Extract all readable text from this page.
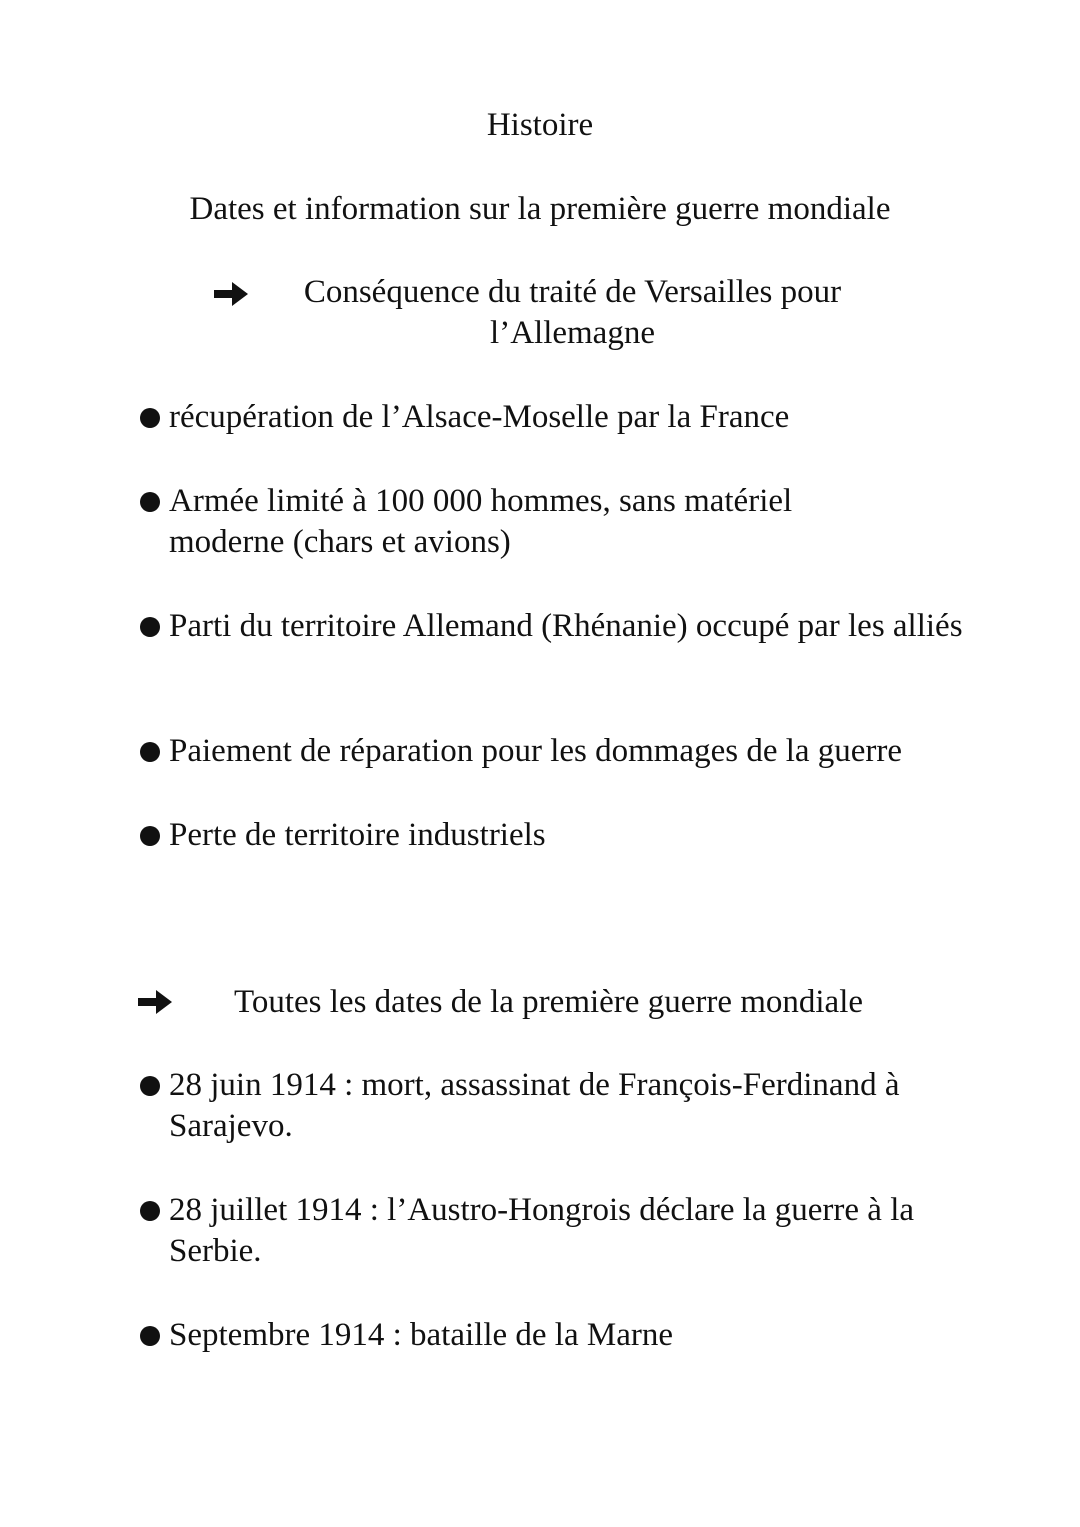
Histoire
Dates et information sur la première guerre mondiale
Conséquence du traité de Versailles pour l’Allemagne
récupération de l’Alsace-Moselle par la France
Armée limité à 100 000 hommes, sans matériel moderne (chars et avions)
Parti du territoire Allemand (Rhénanie) occupé par les alliés
Paiement de réparation pour les dommages de la guerre
Perte de territoire industriels
Toutes les dates de la première guerre mondiale
28 juin 1914 : mort, assassinat de François-Ferdinand à Sarajevo.
28 juillet 1914 : l’Austro-Hongrois déclare la guerre à la Serbie.
Septembre 1914 : bataille de la Marne
